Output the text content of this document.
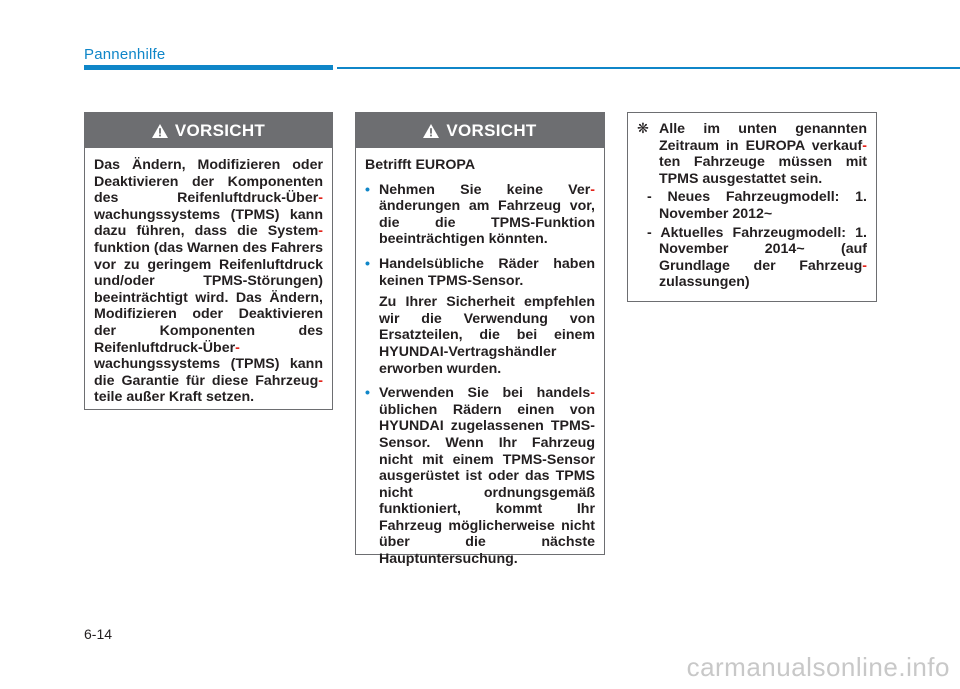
Pannenhilfe
VORSICHT

Das Ändern, Modifizieren oder Deaktivieren der Komponenten des Reifenluftdruck-Über- wachungssystems (TPMS) kann dazu führen, dass die System- funktion (das Warnen des Fahrers vor zu geringem Reifenluftdruck und/oder TPMS-Störungen) beeinträchtigt wird. Das Ändern, Modifizieren oder Deaktivieren der Komponenten des Reifenluftdruck-Über- wachungssystems (TPMS) kann die Garantie für diese Fahrzeug- teile außer Kraft setzen.

VORSICHT

Betrifft EUROPA

• Nehmen Sie keine Ver- änderungen am Fahrzeug vor, die die TPMS-Funktion beeinträchtigen könnten.

• Handelsübliche Räder haben keinen TPMS-Sensor.

Zu Ihrer Sicherheit empfehlen wir die Verwendung von Ersatzteilen, die bei einem HYUNDAI-Vertragshändler erworben wurden.

• Verwenden Sie bei handels- üblichen Rädern einen von HYUNDAI zugelassenen TPMS-Sensor. Wenn Ihr Fahrzeug nicht mit einem TPMS-Sensor ausgerüstet ist oder das TPMS nicht ordnungsgemäß funktioniert, kommt Ihr Fahrzeug möglicherweise nicht über die nächste Hauptuntersuchung.

❋ Alle im unten genannten Zeitraum in EUROPA verkauf- ten Fahrzeuge müssen mit TPMS ausgestattet sein.

- Neues Fahrzeugmodell: 1. November 2012~

- Aktuelles Fahrzeugmodell: 1. November 2014~ (auf Grundlage der Fahrzeug- zulassungen)

6-14
carmanualsonline.info
